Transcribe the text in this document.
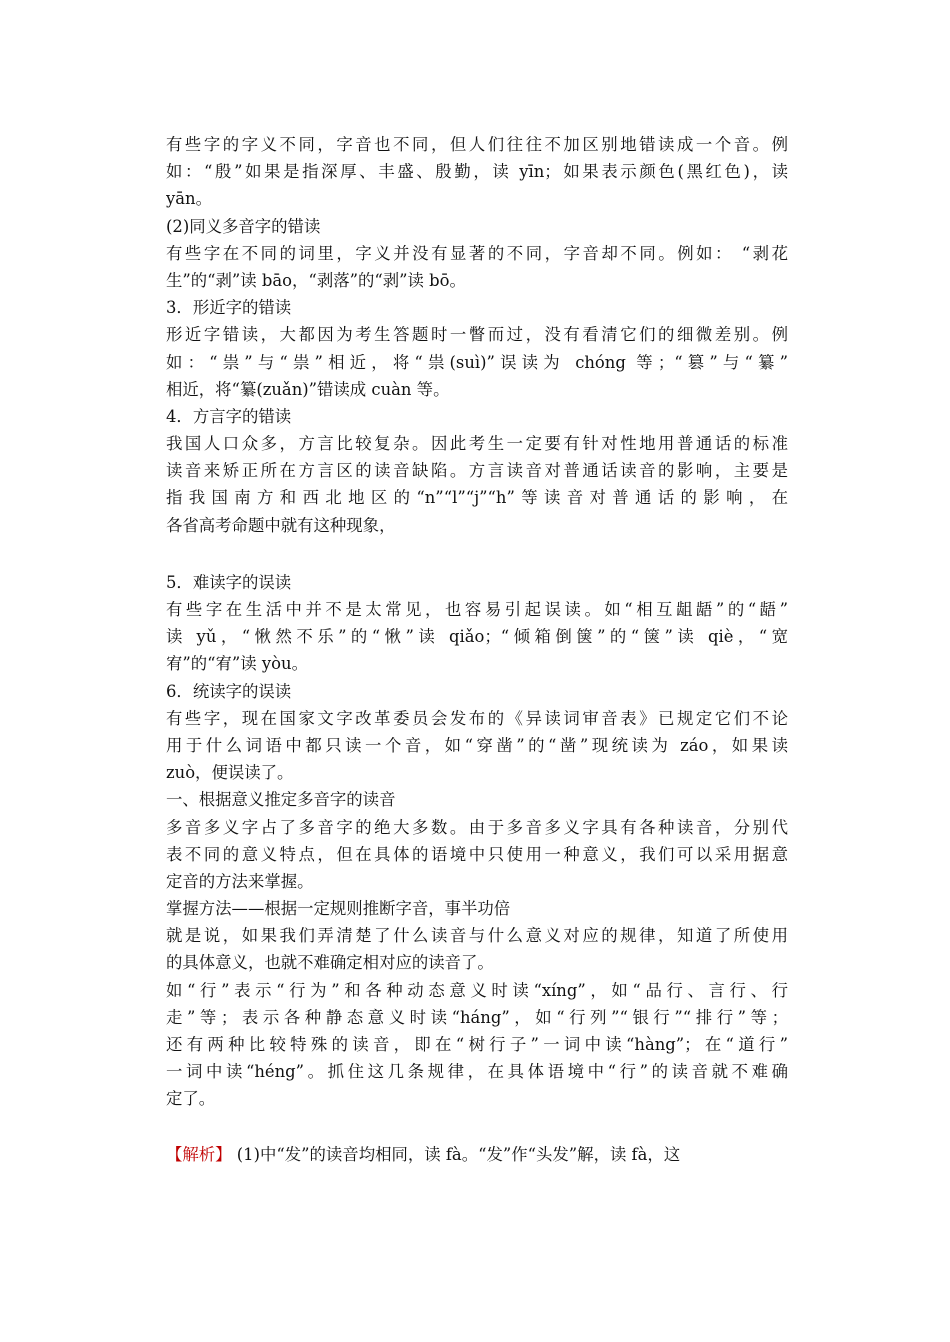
有些字的字义不同，字音也不同，但人们往往不加区别地错读成一个音。例
如：“殷”如果是指深厚、丰盛、殷勤，读 yīn；如果表示颜色(黑红色)，读
yān。
(2)同义多音字的错读
有些字在不同的词里，字义并没有显著的不同，字音却不同。例如： “剥花
生”的“剥”读 bāo，“剥落”的“剥”读 bō。
3．形近字的错读
形近字错读，大都因为考生答题时一瞥而过，没有看清它们的细微差别。例
如：“祟”与“祟”相近，将“祟(suì)”误读为 chóng 等；“篡”与“纂”
相近，将“纂(zuǎn)”错读成 cuàn 等。
4．方言字的错读
我国人口众多，方言比较复杂。因此考生一定要有针对性地用普通话的标准
读音来矫正所在方言区的读音缺陷。方言读音对普通话读音的影响，主要是
指我国南方和西北地区的“n”“l”“j”“h”等读音对普通话的影响，在
各省高考命题中就有这种现象，
5．难读字的误读
有些字在生活中并不是太常见，也容易引起误读。如“相互龃龉”的“龉”
读 yǔ，“愀然不乐”的“愀”读 qiǎo；“倾箱倒箧”的“箧”读 qiè，“宽
宥”的“宥”读 yòu。
6．统读字的误读
有些字，现在国家文字改革委员会发布的《异读词审音表》已规定它们不论
用于什么词语中都只读一个音，如“穿凿”的“凿”现统读为 záo，如果读
zuò，便误读了。
一、根据意义推定多音字的读音
多音多义字占了多音字的绝大多数。由于多音多义字具有各种读音，分别代
表不同的意义特点，但在具体的语境中只使用一种意义，我们可以采用据意
定音的方法来掌握。
掌握方法——根据一定规则推断字音，事半功倍
就是说，如果我们弄清楚了什么读音与什么意义对应的规律，知道了所使用
的具体意义，也就不难确定相对应的读音了。
如“行”表示“行为”和各种动态意义时读“xíng”，如“品行、言行、行
走”等；表示各种静态意义时读“háng”，如“行列”“银行”“排行”等；
还有两种比较特殊的读音，即在“树行子”一词中读“hàng”；在“道行”
一词中读“héng”。抓住这几条规律，在具体语境中“行”的读音就不难确
定了。
【解析】 (1)中“发”的读音均相同，读 fà。“发”作“头发”解，读 fà，这
